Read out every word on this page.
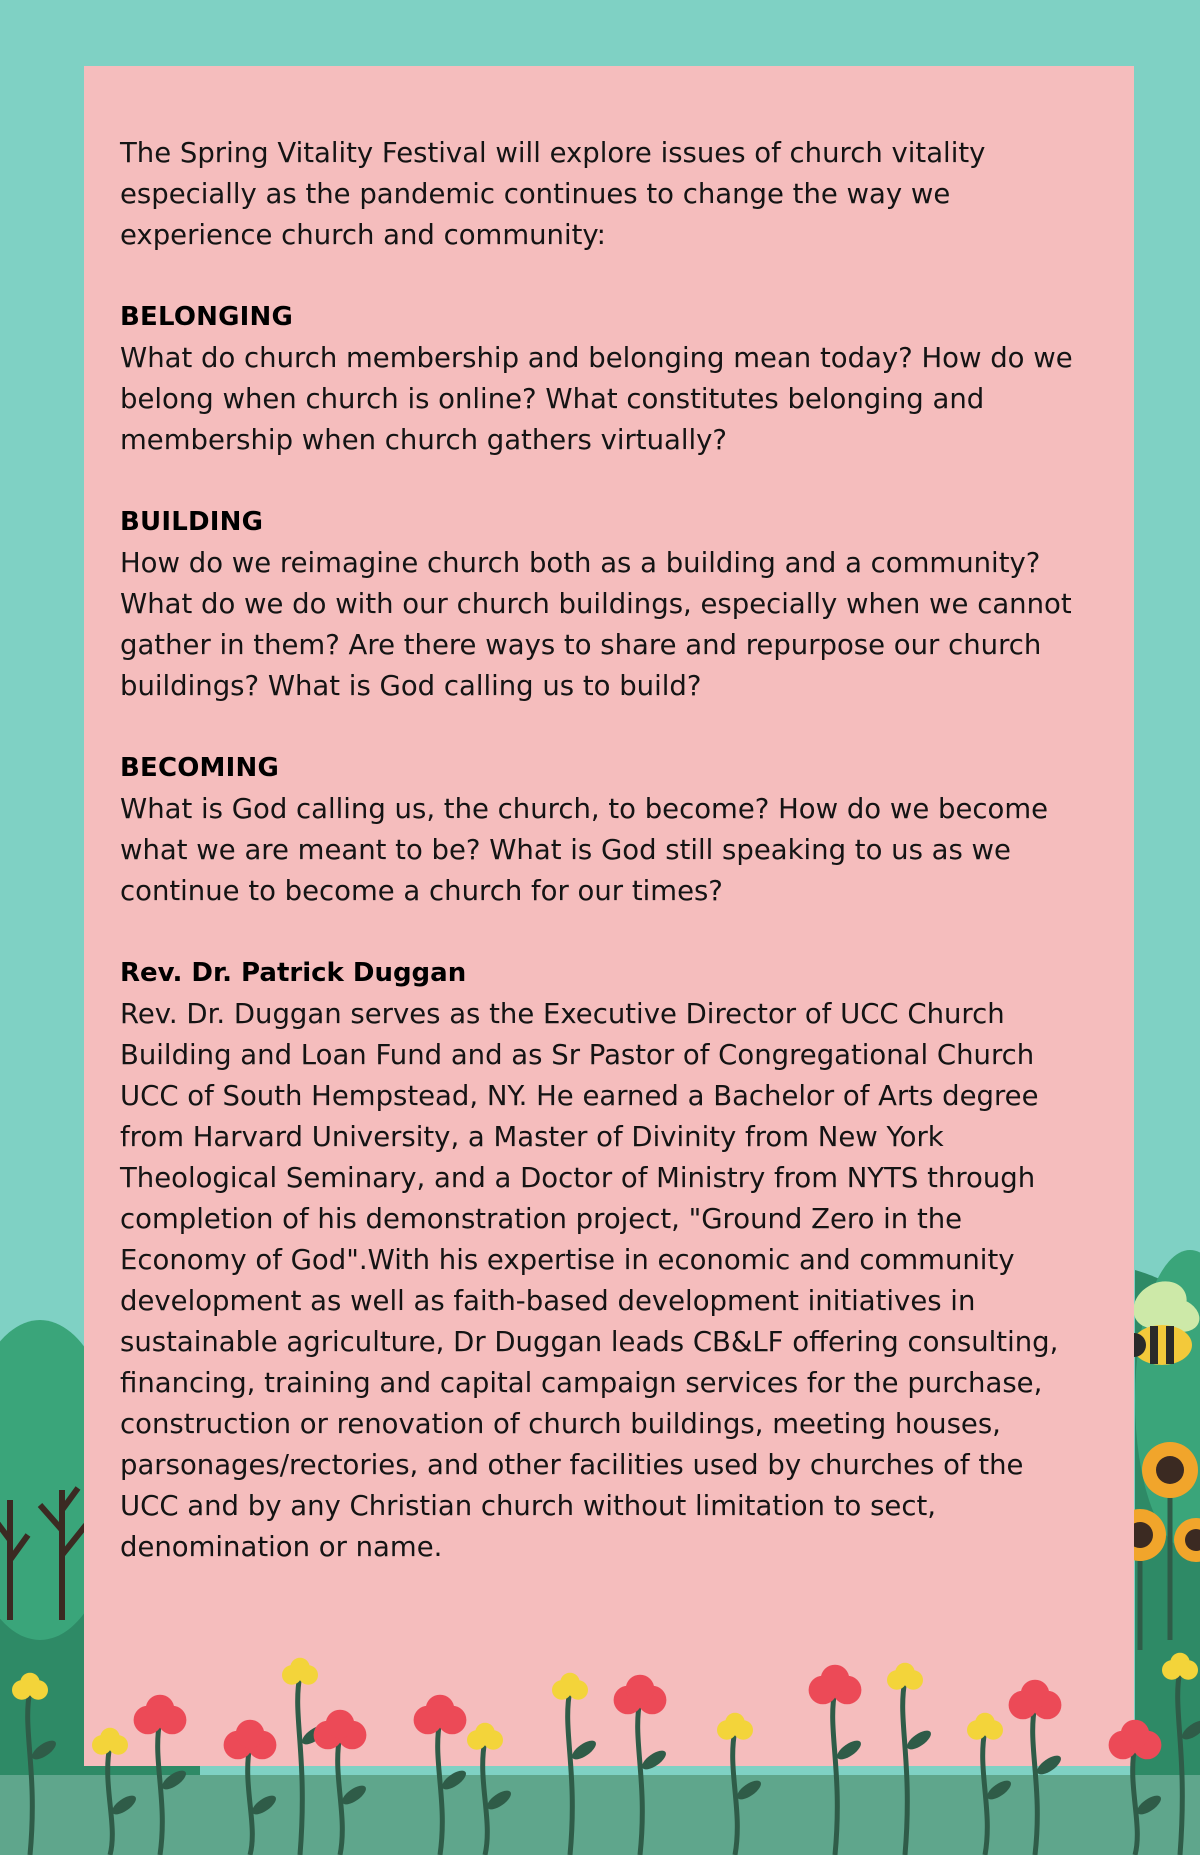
The Spring Vitality Festival will explore issues of church vitality especially as the pandemic continues to change the way we experience church and community:

BELONGING

What do church membership and belonging mean today? How do we belong when church is online? What constitutes belonging and membership when church gathers virtually?

BUILDING

How do we reimagine church both as a building and a community? What do we do with our church buildings, especially when we cannot gather in them? Are there ways to share and repurpose our church buildings? What is God calling us to build?

BECOMING

What is God calling us, the church, to become? How do we become what we are meant to be? What is God still speaking to us as we continue to become a church for our times?

Rev. Dr. Patrick Duggan

Rev. Dr. Duggan serves as the Executive Director of UCC Church Building and Loan Fund and as Sr Pastor of Congregational Church UCC of South Hempstead, NY. He earned a Bachelor of Arts degree from Harvard University, a Master of Divinity from New York Theological Seminary, and a Doctor of Ministry from NYTS through completion of his demonstration project, "Ground Zero in the Economy of God".With his expertise in economic and community development as well as faith-based development initiatives in sustainable agriculture, Dr Duggan leads CB&LF offering consulting, financing, training and capital campaign services for the purchase, construction or renovation of church buildings, meeting houses, parsonages/rectories, and other facilities used by churches of the UCC and by any Christian church without limitation to sect, denomination or name.
